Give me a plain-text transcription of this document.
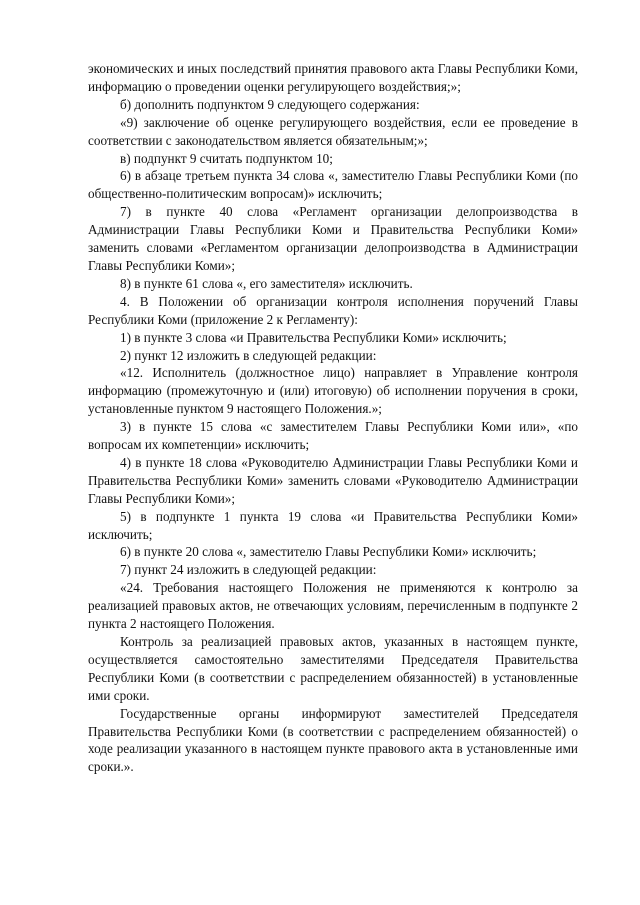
экономических и иных последствий принятия правового акта Главы Республики Коми, информацию о проведении оценки регулирующего воздействия;»;

б) дополнить подпунктом 9 следующего содержания:

«9) заключение об оценке регулирующего воздействия, если ее проведение в соответствии с законодательством является обязательным;»;

в) подпункт 9 считать подпунктом 10;

6) в абзаце третьем пункта 34 слова «, заместителю Главы Республики Коми (по общественно-политическим вопросам)» исключить;

7) в пункте 40 слова «Регламент организации делопроизводства в Администрации Главы Республики Коми и Правительства Республики Коми» заменить словами «Регламентом организации делопроизводства в Администрации Главы Республики Коми»;

8) в пункте 61 слова «, его заместителя» исключить.

4. В Положении об организации контроля исполнения поручений Главы Республики Коми (приложение 2 к Регламенту):

1) в пункте 3 слова «и Правительства Республики Коми» исключить;

2) пункт 12 изложить в следующей редакции:

«12. Исполнитель (должностное лицо) направляет в Управление контроля информацию (промежуточную и (или) итоговую) об исполнении поручения в сроки, установленные пунктом 9 настоящего Положения.»;

3) в пункте 15 слова «с заместителем Главы Республики Коми или», «по вопросам их компетенции» исключить;

4) в пункте 18 слова «Руководителю Администрации Главы Республики Коми и Правительства Республики Коми» заменить словами «Руководителю Администрации Главы Республики Коми»;

5) в подпункте 1 пункта 19 слова «и Правительства Республики Коми» исключить;

6) в пункте 20 слова «, заместителю Главы Республики Коми» исключить;

7) пункт 24 изложить в следующей редакции:

«24. Требования настоящего Положения не применяются к контролю за реализацией правовых актов, не отвечающих условиям, перечисленным в подпункте 2 пункта 2 настоящего Положения.

Контроль за реализацией правовых актов, указанных в настоящем пункте, осуществляется самостоятельно заместителями Председателя Правительства Республики Коми (в соответствии с распределением обязанностей) в установленные ими сроки.

Государственные органы информируют заместителей Председателя Правительства Республики Коми (в соответствии с распределением обязанностей) о ходе реализации указанного в настоящем пункте правового акта в установленные ими сроки.».
